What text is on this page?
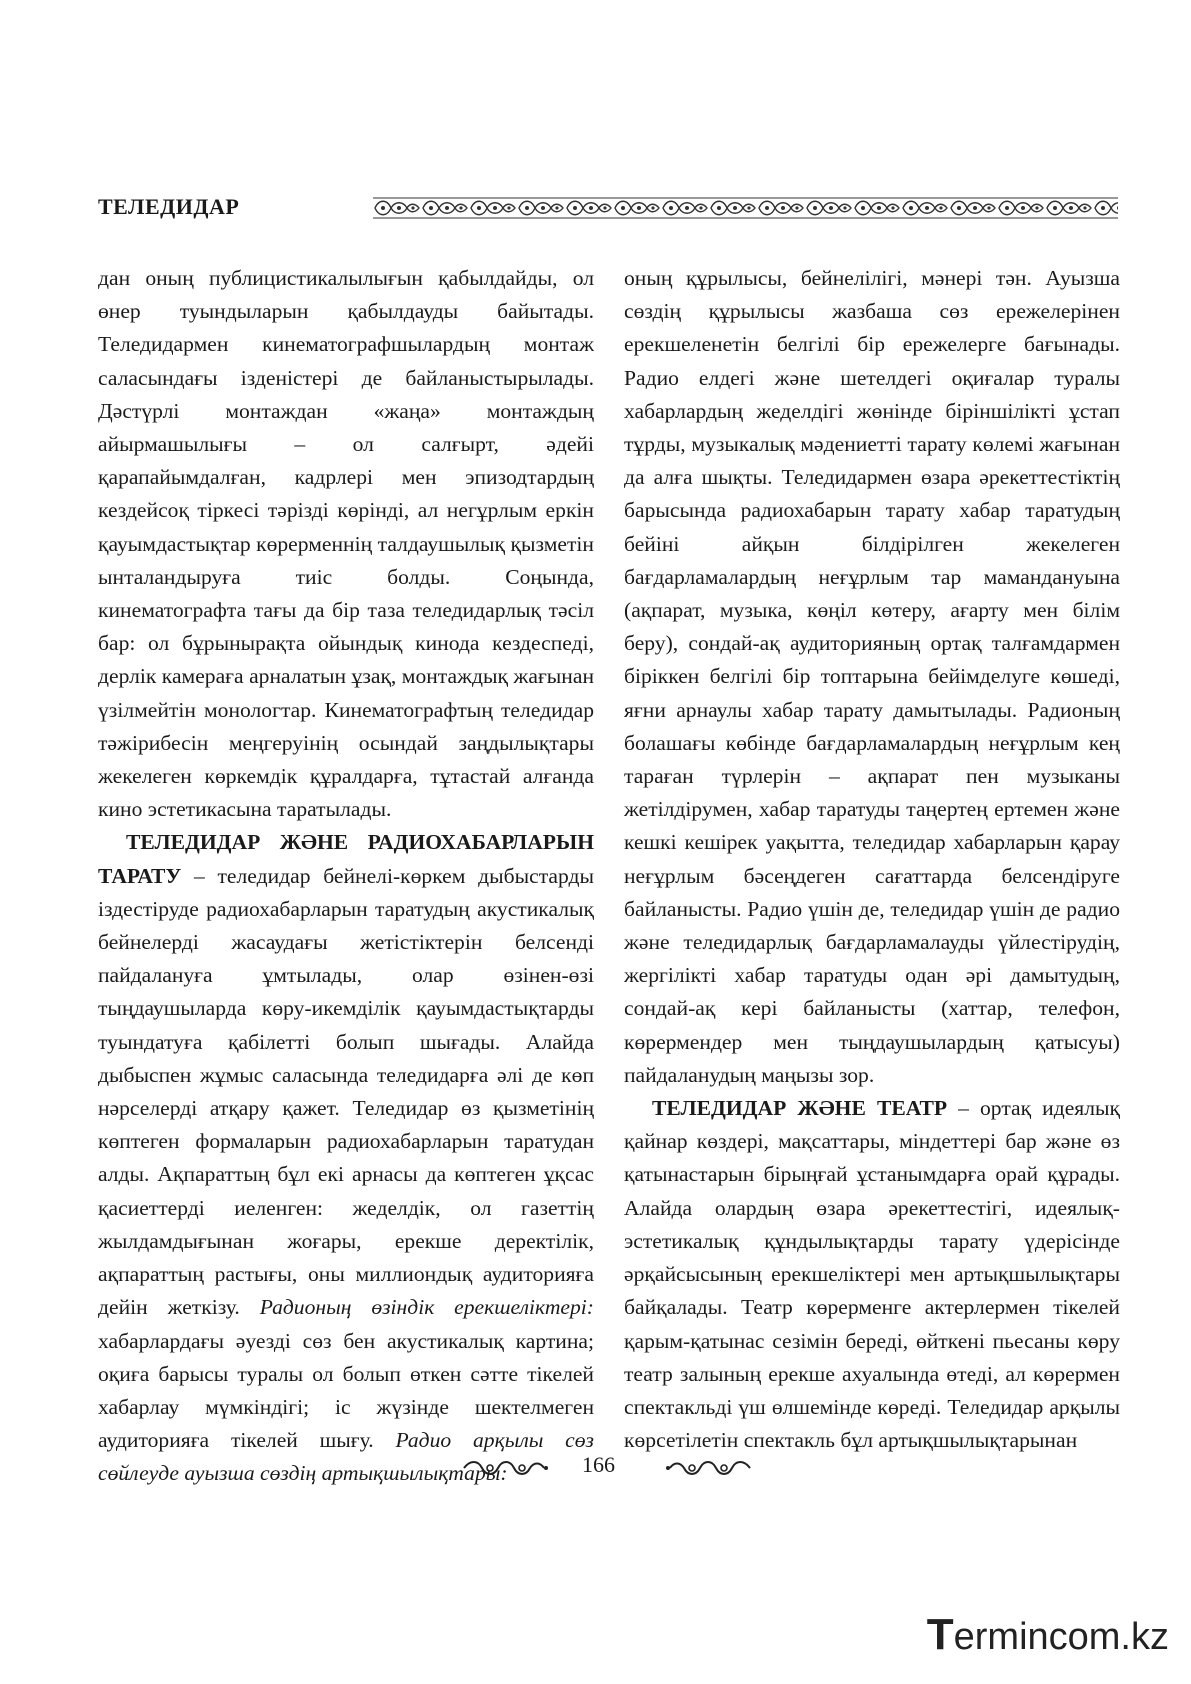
ТЕЛЕДИДАР

дан оның публицистикалылығын қабылдайды, ол өнер туындыларын қабылдауды байытады. Теледидармен кинематографшылардың монтаж саласындағы ізденістері де байланыстырылады. Дәстүрлі монтаждан «жаңа» монтаждың айырмашылығы – ол салғырт, әдейі қарапайымдалған, кадрлері мен эпизодтардың кездейсоқ тіркесі тәрізді көрінді, ал негұрлым еркін қауымдастықтар көрерменнің талдаушылық қызметін ынталандыруға тиіс болды. Соңында, кинематографта тағы да бір таза теледидарлық тәсіл бар: ол бұрынырақта ойындық кинода кездеспеді, дерлік камераға арналатын ұзақ, монтаждық жағынан үзілмейтін монологтар. Кинематографтың теледидар тәжірибесін меңгеруінің осындай заңдылықтары жекелеген көркемдік құралдарға, тұтастай алғанда кино эстетикасына таратылады.

ТЕЛЕДИДАР ЖӘНЕ РАДИОХАБАРЛАРЫН ТАРАТУ – теледидар бейнелі-көркем дыбыстарды іздестіруде радиохабарларын таратудың акустикалық бейнелерді жасаудағы жетістіктерін белсенді пайдалануға ұмтылады, олар өзінен-өзі тыңдаушыларда көру-икемділік қауымдастықтарды туындатуға қабілетті болып шығады. Алайда дыбыспен жұмыс саласында теледидарға әлі де көп нәрселерді атқару қажет. Теледидар өз қызметінің көптеген формаларын радиохабарларын таратудан алды. Ақпараттың бұл екі арнасы да көптеген ұқсас қасиеттерді иеленген: жеделдік, ол газеттің жылдамдығынан жоғары, ерекше деректілік, ақпараттың растығы, оны миллиондық аудиторияға дейін жеткізу. Радионың өзіндік ерекшеліктері: хабарлардағы әуезді сөз бен акустикалық картина; оқиға барысы туралы ол болып өткен сәтте тікелей хабарлау мүмкіндігі; іс жүзінде шектелмеген аудиторияға тікелей шығу. Радио арқылы сөз сөйлеуде ауызша сөздің артықшылықтары:

оның құрылысы, бейнелілігі, мәнері тән. Ауызша сөздің құрылысы жазбаша сөз ережелерінен ерекшеленетін белгілі бір ережелерге бағынады. Радио елдегі және шетелдегі оқиғалар туралы хабарлардың жеделдігі жөнінде біріншілікті ұстап тұрды, музыкалық мәдениетті тарату көлемі жағынан да алға шықты. Теледидармен өзара әрекеттестіктің барысында радиохабарын тарату хабар таратудың бейіні айқын білдірілген жекелеген бағдарламалардың неғұрлым тар мамандануына (ақпарат, музыка, көңіл көтеру, ағарту мен білім беру), сондай-ақ аудиторияның ортақ талғамдармен біріккен белгілі бір топтарына бейімделуге көшеді, яғни арнаулы хабар тарату дамытылады. Радионың болашағы көбінде бағдарламалардың неғұрлым кең тараған түрлерін – ақпарат пен музыканы жетілдірумен, хабар таратуды таңертең ертемен және кешкі кешірек уақытта, теледидар хабарларын қарау неғұрлым бәсеңдеген сағаттарда белсендіруге байланысты. Радио үшін де, теледидар үшін де радио және теледидарлық бағдарламалауды үйлестірудің, жергілікті хабар таратуды одан әрі дамытудың, сондай-ақ кері байланысты (хаттар, телефон, көрермендер мен тыңдаушылардың қатысуы) пайдаланудың маңызы зор.

ТЕЛЕДИДАР ЖӘНЕ ТЕАТР – ортақ идеялық қайнар көздері, мақсаттары, міндеттері бар және өз қатынастарын бірыңғай ұстанымдарға орай құрады. Алайда олардың өзара әрекеттестігі, идеялық-эстетикалық құндылықтарды тарату үдерісінде әрқайсысының ерекшеліктері мен артықшылықтары байқалады. Театр көрерменге актерлермен тікелей қарым-қатынас сезімін береді, өйткені пьесаны көру театр залының ерекше ахуалында өтеді, ал көрермен спектакльді үш өлшемінде көреді. Теледидар арқылы көрсетілетін спектакль бұл артықшылықтарынан

166
Termincom.kz
